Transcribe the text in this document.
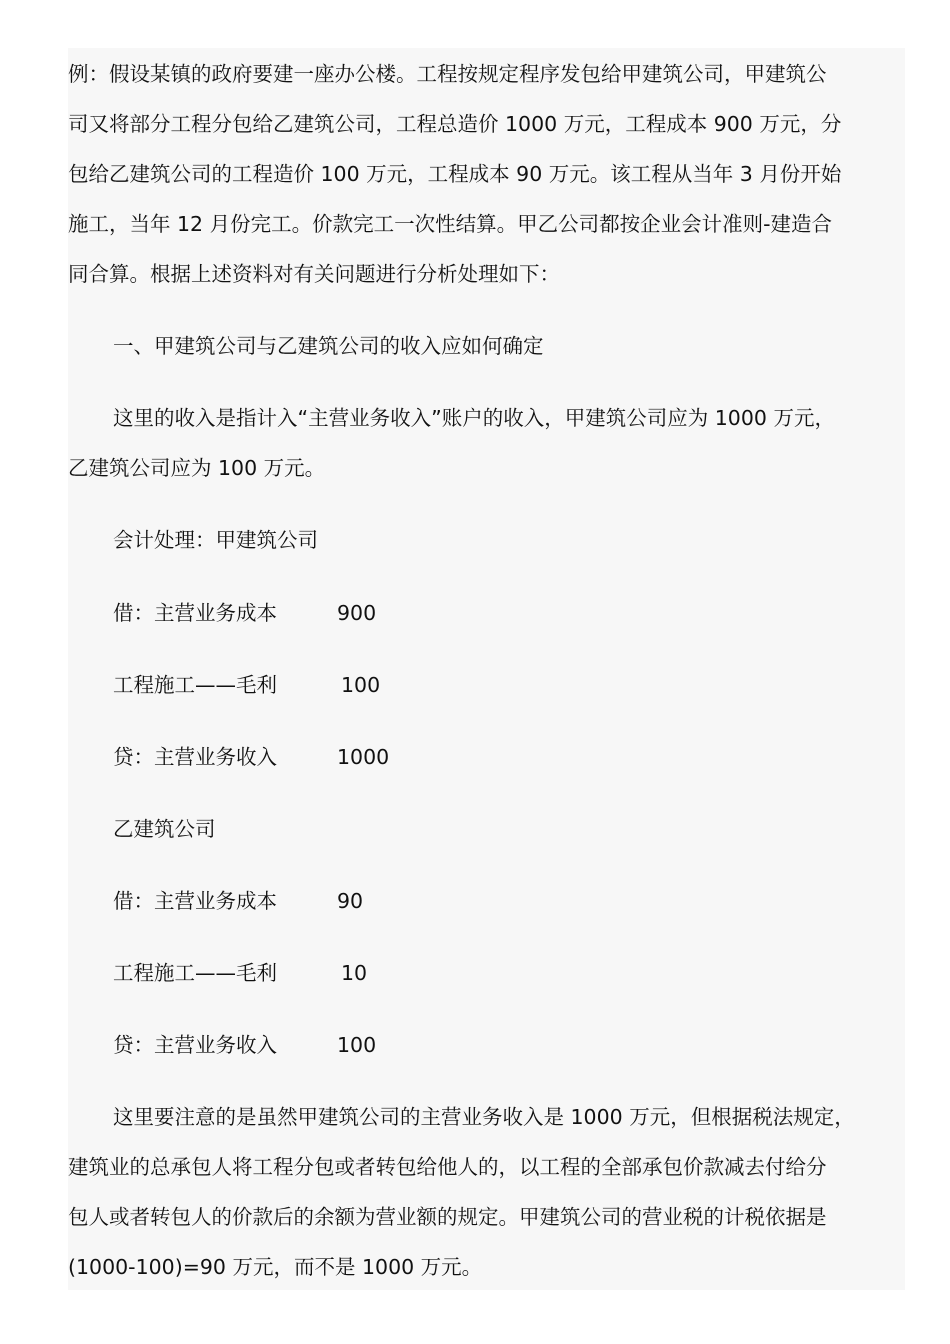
例：假设某镇的政府要建一座办公楼。工程按规定程序发包给甲建筑公司，甲建筑公
司又将部分工程分包给乙建筑公司，工程总造价 1000 万元，工程成本 900 万元，分
包给乙建筑公司的工程造价 100 万元，工程成本 90 万元。该工程从当年 3 月份开始
施工，当年 12 月份完工。价款完工一次性结算。甲乙公司都按企业会计准则-建造合
同合算。根据上述资料对有关问题进行分析处理如下：
一、甲建筑公司与乙建筑公司的收入应如何确定
这里的收入是指计入“主营业务收入”账户的收入，甲建筑公司应为 1000 万元，
乙建筑公司应为 100 万元。
会计处理：甲建筑公司
借：主营业务成本	900
工程施工——毛利	100
贷：主营业务收入	1000
乙建筑公司
借：主营业务成本	90
工程施工——毛利	10
贷：主营业务收入	100
这里要注意的是虽然甲建筑公司的主营业务收入是 1000 万元，但根据税法规定，
建筑业的总承包人将工程分包或者转包给他人的，以工程的全部承包价款减去付给分
包人或者转包人的价款后的余额为营业额的规定。甲建筑公司的营业税的计税依据是
(1000-100)=90 万元，而不是 1000 万元。
